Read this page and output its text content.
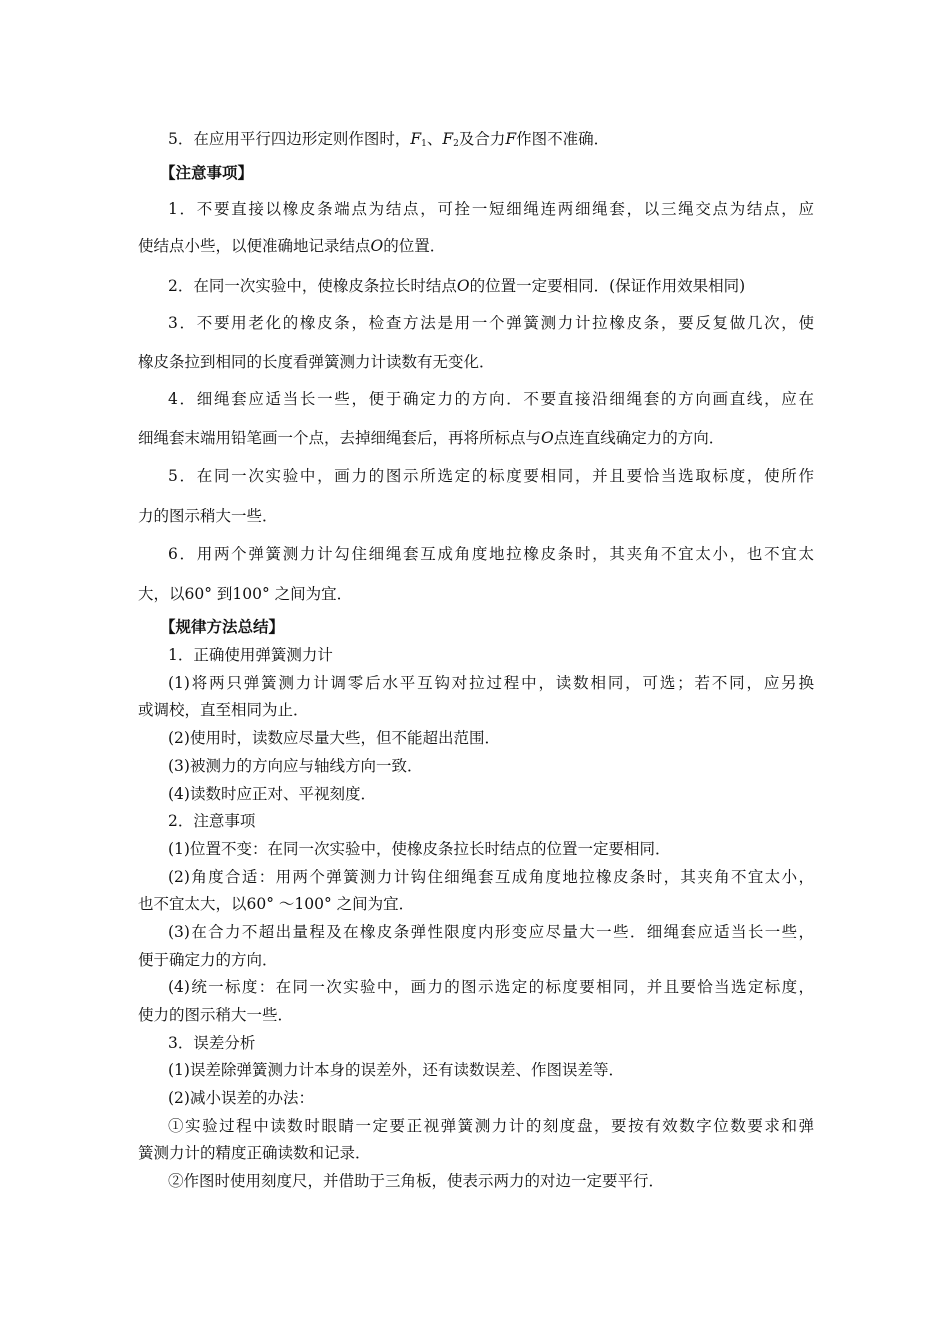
5．在应用平行四边形定则作图时，$F_1$、$F_2$及合力F作图不准确．
【注意事项】
1．不要直接以橡皮条端点为结点，可拴一短细绳连两细绳套，以三绳交点为结点，应
使结点小些，以便准确地记录结点O的位置．
2．在同一次实验中，使橡皮条拉长时结点O的位置一定要相同．(保证作用效果相同)
3．不要用老化的橡皮条，检查方法是用一个弹簧测力计拉橡皮条，要反复做几次，使
橡皮条拉到相同的长度看弹簧测力计读数有无变化．
4．细绳套应适当长一些，便于确定力的方向．不要直接沿细绳套的方向画直线，应在
细绳套末端用铅笔画一个点，去掉细绳套后，再将所标点与O点连直线确定力的方向．
5．在同一次实验中，画力的图示所选定的标度要相同，并且要恰当选取标度，使所作
力的图示稍大一些．
6．用两个弹簧测力计勾住细绳套互成角度地拉橡皮条时，其夹角不宜太小，也不宜太
大，以60° 到100° 之间为宜．
【规律方法总结】
1．正确使用弹簧测力计
(1)将两只弹簧测力计调零后水平互钩对拉过程中，读数相同，可选；若不同，应另换
或调校，直至相同为止．
(2)使用时，读数应尽量大些，但不能超出范围．
(3)被测力的方向应与轴线方向一致．
(4)读数时应正对、平视刻度．
2．注意事项
(1)位置不变：在同一次实验中，使橡皮条拉长时结点的位置一定要相同．
(2)角度合适：用两个弹簧测力计钩住细绳套互成角度地拉橡皮条时，其夹角不宜太小，
也不宜太大，以60° ～100° 之间为宜．
(3)在合力不超出量程及在橡皮条弹性限度内形变应尽量大一些．细绳套应适当长一些，
便于确定力的方向．
(4)统一标度：在同一次实验中，画力的图示选定的标度要相同，并且要恰当选定标度，
使力的图示稍大一些．
3．误差分析
(1)误差除弹簧测力计本身的误差外，还有读数误差、作图误差等．
(2)减小误差的办法：
①实验过程中读数时眼睛一定要正视弹簧测力计的刻度盘，要按有效数字位数要求和弹
簧测力计的精度正确读数和记录．
②作图时使用刻度尺，并借助于三角板，使表示两力的对边一定要平行．
